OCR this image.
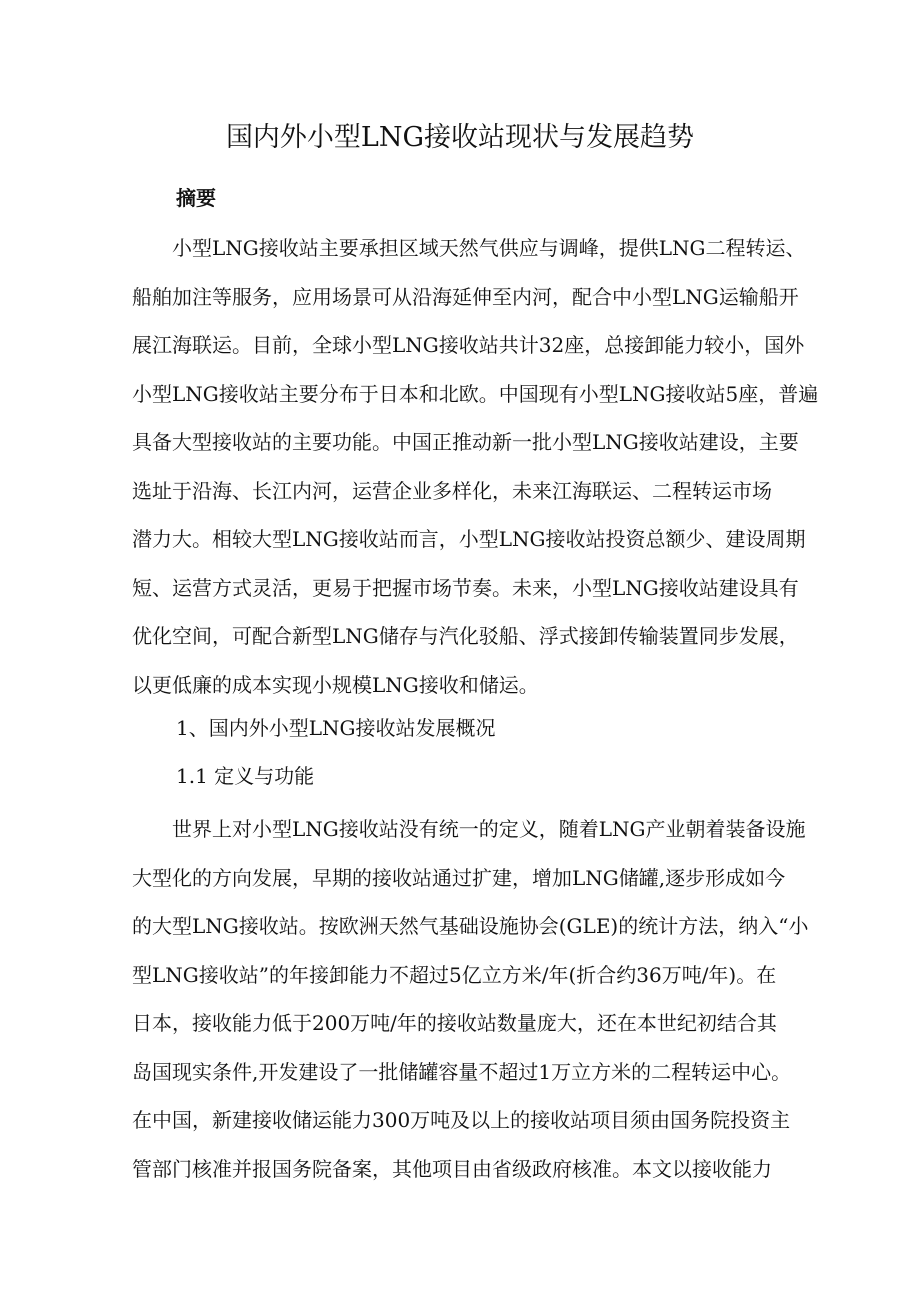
国内外小型LNG接收站现状与发展趋势
摘要
　　小型LNG接收站主要承担区域天然气供应与调峰，提供LNG二程转运、
船舶加注等服务，应用场景可从沿海延伸至内河，配合中小型LNG运输船开
展江海联运。目前，全球小型LNG接收站共计32座，总接卸能力较小，国外
小型LNG接收站主要分布于日本和北欧。中国现有小型LNG接收站5座，普遍
具备大型接收站的主要功能。中国正推动新一批小型LNG接收站建设，主要
选址于沿海、长江内河，运营企业多样化，未来江海联运、二程转运市场
潜力大。相较大型LNG接收站而言，小型LNG接收站投资总额少、建设周期
短、运营方式灵活，更易于把握市场节奏。未来，小型LNG接收站建设具有
优化空间，可配合新型LNG储存与汽化驳船、浮式接卸传输装置同步发展，
以更低廉的成本实现小规模LNG接收和储运。
1、国内外小型LNG接收站发展概况
1.1 定义与功能
　　世界上对小型LNG接收站没有统一的定义，随着LNG产业朝着装备设施
大型化的方向发展，早期的接收站通过扩建，增加LNG储罐,逐步形成如今
的大型LNG接收站。按欧洲天然气基础设施协会(GLE)的统计方法，纳入“小
型LNG接收站”的年接卸能力不超过5亿立方米/年(折合约36万吨/年)。在
日本，接收能力低于200万吨/年的接收站数量庞大，还在本世纪初结合其
岛国现实条件,开发建设了一批储罐容量不超过1万立方米的二程转运中心。
在中国，新建接收储运能力300万吨及以上的接收站项目须由国务院投资主
管部门核准并报国务院备案，其他项目由省级政府核准。本文以接收能力
